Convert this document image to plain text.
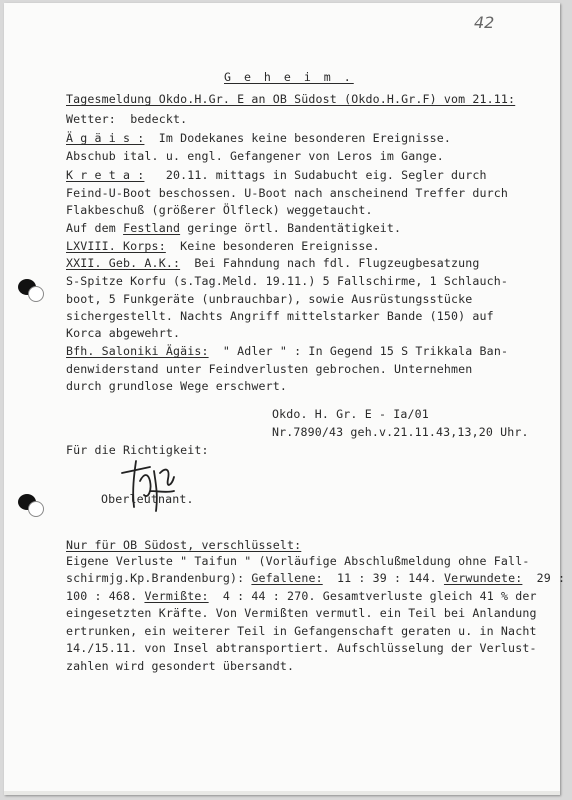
42
G e h e i m .
Tagesmeldung Okdo.H.Gr. E an OB Südost (Okdo.H.Gr.F) vom 21.11:
Wetter: bedeckt.
Ä g ä i s : Im Dodekanes keine besonderen Ereignisse.
Abschub ital. u. engl. Gefangener von Leros im Gange.
K r e t a : 20.11. mittags in Sudabucht eig. Segler durch
Feind-U-Boot beschossen. U-Boot nach anscheinend Treffer durch
Flakbeschuß (größerer Ölfleck) weggetaucht.
Auf dem Festland geringe örtl. Bandentätigkeit.
LXVIII. Korps: Keine besonderen Ereignisse.
XXII. Geb. A.K.: Bei Fahndung nach fdl. Flugzeugbesatzung
S-Spitze Korfu (s.Tag.Meld. 19.11.) 5 Fallschirme, 1 Schlauch-
boot, 5 Funkgeräte (unbrauchbar), sowie Ausrüstungsstücke
sichergestellt. Nachts Angriff mittelstarker Bande (150) auf
Korca abgewehrt.
Bfh. Saloniki Ägäis: " Adler " : In Gegend 15 S Trikkala Ban-
denwiderstand unter Feindverlusten gebrochen. Unternehmen
durch grundlose Wege erschwert.
Okdo. H. Gr. E - Ia/01
Nr.7890/43 geh.v.21.11.43,13,20 Uhr.
Für die Richtigkeit:
Oberleutnant.
Nur für OB Südost, verschlüsselt:
Eigene Verluste " Taifun " (Vorläufige Abschlußmeldung ohne Fall-
schirmjg.Kp.Brandenburg): Gefallene: 11 : 39 : 144. Verwundete: 29 :
100 : 468. Vermißte: 4 : 44 : 270. Gesamtverluste gleich 41 % der
eingesetzten Kräfte. Von Vermißten vermutl. ein Teil bei Anlandung
ertrunken, ein weiterer Teil in Gefangenschaft geraten u. in Nacht
14./15.11. von Insel abtransportiert. Aufschlüsselung der Verlust-
zahlen wird gesondert übersandt.
